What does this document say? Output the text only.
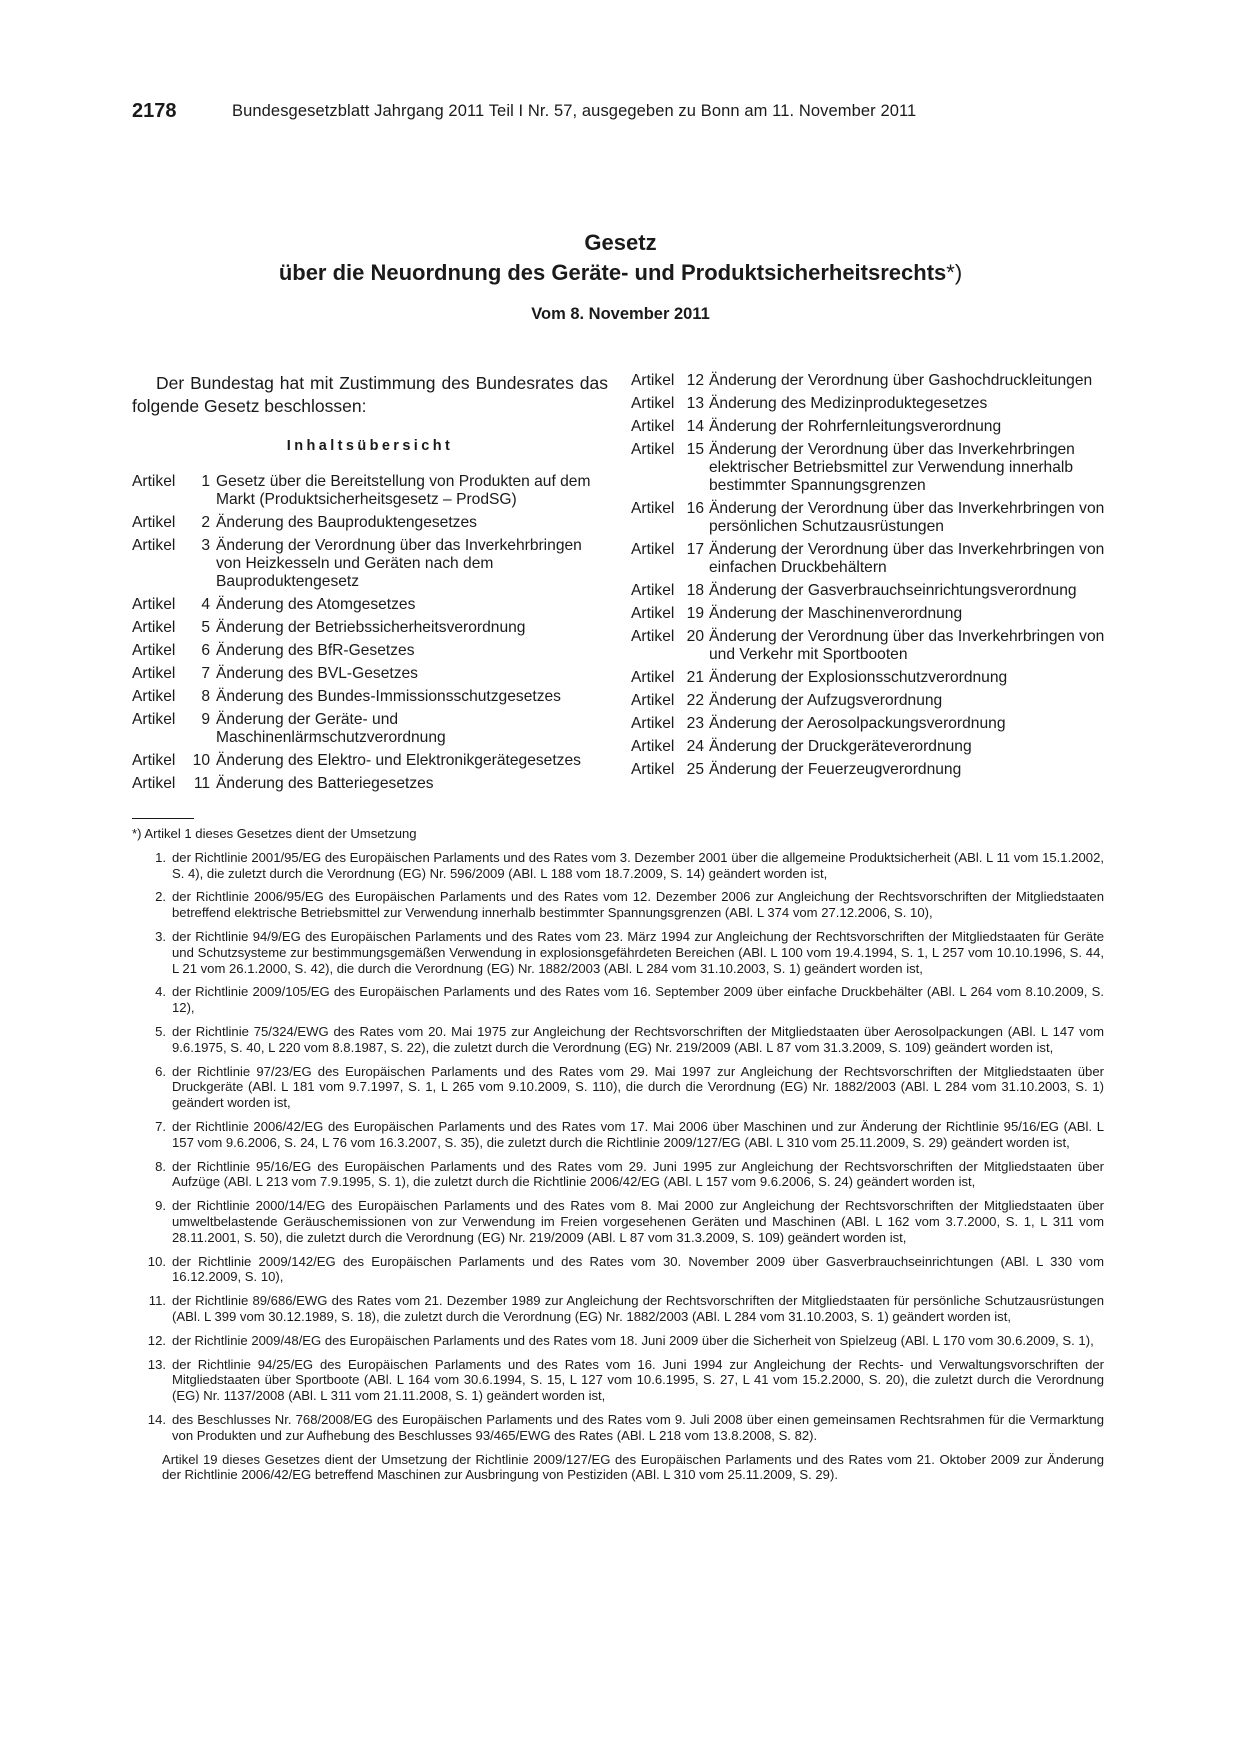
2178	Bundesgesetzblatt Jahrgang 2011 Teil I Nr. 57, ausgegeben zu Bonn am 11. November 2011
Gesetz
über die Neuordnung des Geräte- und Produktsicherheitsrechts*)
Vom 8. November 2011

Der Bundestag hat mit Zustimmung des Bundesrates das folgende Gesetz beschlossen:

Inhaltsübersicht
Artikel	1 Gesetz über die Bereitstellung von Produkten auf dem Markt (Produktsicherheitsgesetz – ProdSG)
Artikel	2 Änderung des Bauproduktengesetzes
Artikel	3 Änderung der Verordnung über das Inverkehrbringen von Heizkesseln und Geräten nach dem Bauproduktengesetz
Artikel	4 Änderung des Atomgesetzes
Artikel	5 Änderung der Betriebssicherheitsverordnung
Artikel	6 Änderung des BfR-Gesetzes
Artikel	7 Änderung des BVL-Gesetzes
Artikel	8 Änderung des Bundes-Immissionsschutzgesetzes
Artikel	9 Änderung der Geräte- und Maschinenlärmschutzverordnung
Artikel	10 Änderung des Elektro- und Elektronikgerätegesetzes
Artikel	11 Änderung des Batteriegesetzes
Artikel 12 Änderung der Verordnung über Gashochdruckleitungen
Artikel 13 Änderung des Medizinproduktegesetzes
Artikel 14 Änderung der Rohrfernleitungsverordnung
Artikel 15 Änderung der Verordnung über das Inverkehrbringen elektrischer Betriebsmittel zur Verwendung innerhalb bestimmter Spannungsgrenzen
Artikel 16 Änderung der Verordnung über das Inverkehrbringen von persönlichen Schutzausrüstungen
Artikel 17 Änderung der Verordnung über das Inverkehrbringen von einfachen Druckbehältern
Artikel 18 Änderung der Gasverbrauchseinrichtungsverordnung
Artikel 19 Änderung der Maschinenverordnung
Artikel 20 Änderung der Verordnung über das Inverkehrbringen von und Verkehr mit Sportbooten
Artikel 21 Änderung der Explosionsschutzverordnung
Artikel 22 Änderung der Aufzugsverordnung
Artikel 23 Änderung der Aerosolpackungsverordnung
Artikel 24 Änderung der Druckgeräteverordnung
Artikel 25 Änderung der Feuerzeugverordnung
*) Artikel 1 dieses Gesetzes dient der Umsetzung
1. der Richtlinie 2001/95/EG des Europäischen Parlaments und des Rates vom 3. Dezember 2001 über die allgemeine Produktsicherheit (ABl. L 11 vom 15.1.2002, S. 4), die zuletzt durch die Verordnung (EG) Nr. 596/2009 (ABl. L 188 vom 18.7.2009, S. 14) geändert worden ist,
2. der Richtlinie 2006/95/EG des Europäischen Parlaments und des Rates vom 12. Dezember 2006 zur Angleichung der Rechtsvorschriften der Mitgliedstaaten betreffend elektrische Betriebsmittel zur Verwendung innerhalb bestimmter Spannungsgrenzen (ABl. L 374 vom 27.12.2006, S. 10),
3. der Richtlinie 94/9/EG des Europäischen Parlaments und des Rates vom 23. März 1994 zur Angleichung der Rechtsvorschriften der Mitgliedstaaten für Geräte und Schutzsysteme zur bestimmungsgemäßen Verwendung in explosionsgefährdeten Bereichen (ABl. L 100 vom 19.4.1994, S. 1, L 257 vom 10.10.1996, S. 44, L 21 vom 26.1.2000, S. 42), die durch die Verordnung (EG) Nr. 1882/2003 (ABl. L 284 vom 31.10.2003, S. 1) geändert worden ist,
4. der Richtlinie 2009/105/EG des Europäischen Parlaments und des Rates vom 16. September 2009 über einfache Druckbehälter (ABl. L 264 vom 8.10.2009, S. 12),
5. der Richtlinie 75/324/EWG des Rates vom 20. Mai 1975 zur Angleichung der Rechtsvorschriften der Mitgliedstaaten über Aerosolpackungen (ABl. L 147 vom 9.6.1975, S. 40, L 220 vom 8.8.1987, S. 22), die zuletzt durch die Verordnung (EG) Nr. 219/2009 (ABl. L 87 vom 31.3.2009, S. 109) geändert worden ist,
6. der Richtlinie 97/23/EG des Europäischen Parlaments und des Rates vom 29. Mai 1997 zur Angleichung der Rechtsvorschriften der Mitgliedstaaten über Druckgeräte (ABl. L 181 vom 9.7.1997, S. 1, L 265 vom 9.10.2009, S. 110), die durch die Verordnung (EG) Nr. 1882/2003 (ABl. L 284 vom 31.10.2003, S. 1) geändert worden ist,
7. der Richtlinie 2006/42/EG des Europäischen Parlaments und des Rates vom 17. Mai 2006 über Maschinen und zur Änderung der Richtlinie 95/16/EG (ABl. L 157 vom 9.6.2006, S. 24, L 76 vom 16.3.2007, S. 35), die zuletzt durch die Richtlinie 2009/127/EG (ABl. L 310 vom 25.11.2009, S. 29) geändert worden ist,
8. der Richtlinie 95/16/EG des Europäischen Parlaments und des Rates vom 29. Juni 1995 zur Angleichung der Rechtsvorschriften der Mitgliedstaaten über Aufzüge (ABl. L 213 vom 7.9.1995, S. 1), die zuletzt durch die Richtlinie 2006/42/EG (ABl. L 157 vom 9.6.2006, S. 24) geändert worden ist,
9. der Richtlinie 2000/14/EG des Europäischen Parlaments und des Rates vom 8. Mai 2000 zur Angleichung der Rechtsvorschriften der Mitgliedstaaten über umweltbelastende Geräuschemissionen von zur Verwendung im Freien vorgesehenen Geräten und Maschinen (ABl. L 162 vom 3.7.2000, S. 1, L 311 vom 28.11.2001, S. 50), die zuletzt durch die Verordnung (EG) Nr. 219/2009 (ABl. L 87 vom 31.3.2009, S. 109) geändert worden ist,
10. der Richtlinie 2009/142/EG des Europäischen Parlaments und des Rates vom 30. November 2009 über Gasverbrauchseinrichtungen (ABl. L 330 vom 16.12.2009, S. 10),
11. der Richtlinie 89/686/EWG des Rates vom 21. Dezember 1989 zur Angleichung der Rechtsvorschriften der Mitgliedstaaten für persönliche Schutzausrüstungen (ABl. L 399 vom 30.12.1989, S. 18), die zuletzt durch die Verordnung (EG) Nr. 1882/2003 (ABl. L 284 vom 31.10.2003, S. 1) geändert worden ist,
12. der Richtlinie 2009/48/EG des Europäischen Parlaments und des Rates vom 18. Juni 2009 über die Sicherheit von Spielzeug (ABl. L 170 vom 30.6.2009, S. 1),
13. der Richtlinie 94/25/EG des Europäischen Parlaments und des Rates vom 16. Juni 1994 zur Angleichung der Rechts- und Verwaltungsvorschriften der Mitgliedstaaten über Sportboote (ABl. L 164 vom 30.6.1994, S. 15, L 127 vom 10.6.1995, S. 27, L 41 vom 15.2.2000, S. 20), die zuletzt durch die Verordnung (EG) Nr. 1137/2008 (ABl. L 311 vom 21.11.2008, S. 1) geändert worden ist,
14. des Beschlusses Nr. 768/2008/EG des Europäischen Parlaments und des Rates vom 9. Juli 2008 über einen gemeinsamen Rechtsrahmen für die Vermarktung von Produkten und zur Aufhebung des Beschlusses 93/465/EWG des Rates (ABl. L 218 vom 13.8.2008, S. 82).
Artikel 19 dieses Gesetzes dient der Umsetzung der Richtlinie 2009/127/EG des Europäischen Parlaments und des Rates vom 21. Oktober 2009 zur Änderung der Richtlinie 2006/42/EG betreffend Maschinen zur Ausbringung von Pestiziden (ABl. L 310 vom 25.11.2009, S. 29).
